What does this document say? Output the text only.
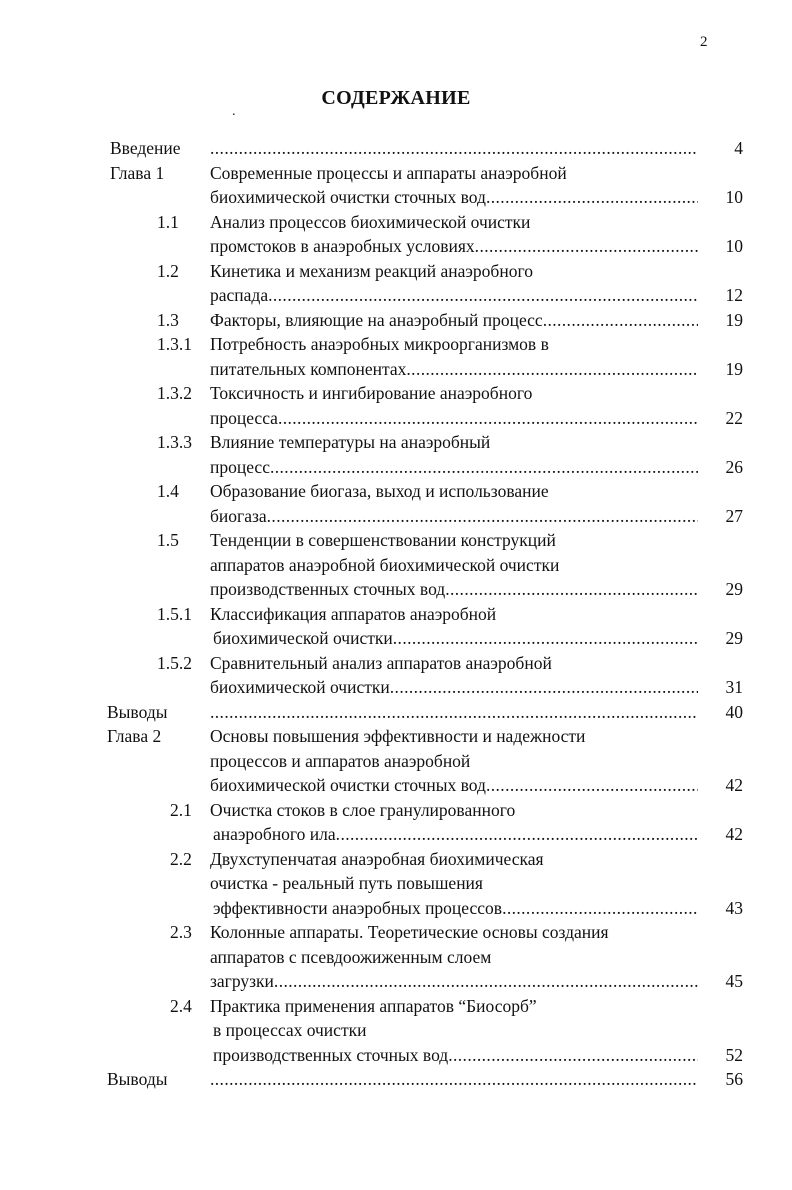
2
СОДЕРЖАНИЕ
.
Введение .....	4
Глава 1	Современные процессы и аппараты анаэробной
биохимической очистки сточных вод .....	10
1.1 Анализ процессов биохимической очистки
промстоков в анаэробных условиях .....	10
1.2 Кинетика и механизм реакций анаэробного
распада .....	12
1.3 Факторы, влияющие на анаэробный процесс .....	19
1.3.1 Потребность анаэробных микроорганизмов в
питательных компонентах .....	19
1.3.2 Токсичность и ингибирование анаэробного
процесса .....	22
1.3.3 Влияние температуры на анаэробный
процесс .....	26
1.4 Образование биогаза, выход и использование
биогаза .....	27
1.5 Тенденции в совершенствовании конструкций
аппаратов анаэробной биохимической очистки
производственных сточных вод .....	29
1.5.1 Классификация аппаратов анаэробной
биохимической очистки .....	29
1.5.2 Сравнительный анализ аппаратов анаэробной
биохимической очистки .....	31
Выводы .....	40
Глава 2	Основы повышения эффективности и надежности
процессов и аппаратов анаэробной
биохимической очистки сточных вод .....	42
2.1 Очистка стоков в слое гранулированного
анаэробного ила .....	42
2.2 Двухступенчатая анаэробная биохимическая
очистка - реальный путь повышения
эффективности анаэробных процессов .....	43
2.3 Колонные аппараты. Теоретические основы создания
аппаратов с псевдоожиженным слоем
загрузки .....	45
2.4 Практика применения аппаратов “Биосорб”
в процессах очистки
производственных сточных вод .....	52
Выводы .....	56
